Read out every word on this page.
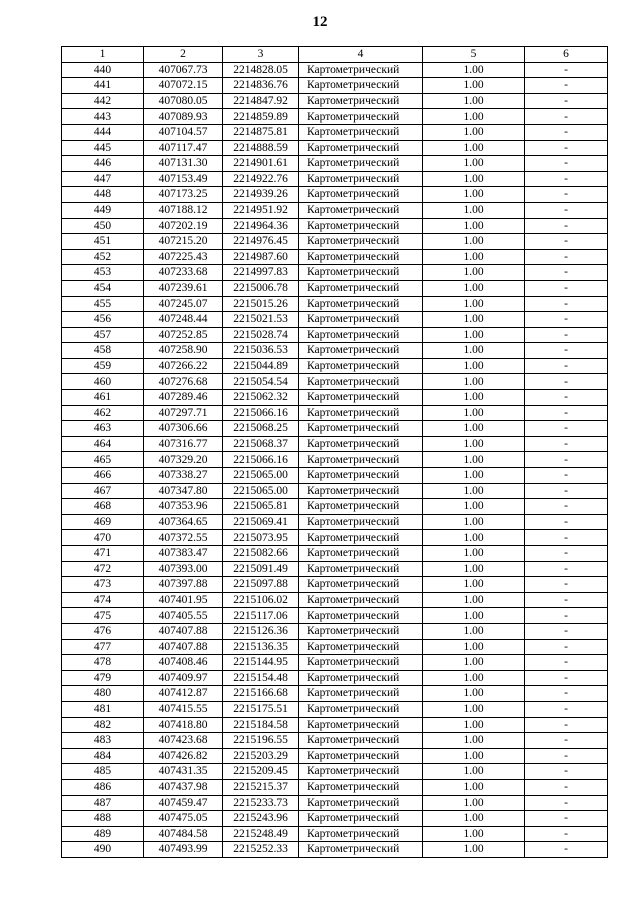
12
1	2	3	4	5	6
440	407067.73	2214828.05	Картометрический	1.00	-
441	407072.15	2214836.76	Картометрический	1.00	-
442	407080.05	2214847.92	Картометрический	1.00	-
443	407089.93	2214859.89	Картометрический	1.00	-
444	407104.57	2214875.81	Картометрический	1.00	-
445	407117.47	2214888.59	Картометрический	1.00	-
446	407131.30	2214901.61	Картометрический	1.00	-
447	407153.49	2214922.76	Картометрический	1.00	-
448	407173.25	2214939.26	Картометрический	1.00	-
449	407188.12	2214951.92	Картометрический	1.00	-
450	407202.19	2214964.36	Картометрический	1.00	-
451	407215.20	2214976.45	Картометрический	1.00	-
452	407225.43	2214987.60	Картометрический	1.00	-
453	407233.68	2214997.83	Картометрический	1.00	-
454	407239.61	2215006.78	Картометрический	1.00	-
455	407245.07	2215015.26	Картометрический	1.00	-
456	407248.44	2215021.53	Картометрический	1.00	-
457	407252.85	2215028.74	Картометрический	1.00	-
458	407258.90	2215036.53	Картометрический	1.00	-
459	407266.22	2215044.89	Картометрический	1.00	-
460	407276.68	2215054.54	Картометрический	1.00	-
461	407289.46	2215062.32	Картометрический	1.00	-
462	407297.71	2215066.16	Картометрический	1.00	-
463	407306.66	2215068.25	Картометрический	1.00	-
464	407316.77	2215068.37	Картометрический	1.00	-
465	407329.20	2215066.16	Картометрический	1.00	-
466	407338.27	2215065.00	Картометрический	1.00	-
467	407347.80	2215065.00	Картометрический	1.00	-
468	407353.96	2215065.81	Картометрический	1.00	-
469	407364.65	2215069.41	Картометрический	1.00	-
470	407372.55	2215073.95	Картометрический	1.00	-
471	407383.47	2215082.66	Картометрический	1.00	-
472	407393.00	2215091.49	Картометрический	1.00	-
473	407397.88	2215097.88	Картометрический	1.00	-
474	407401.95	2215106.02	Картометрический	1.00	-
475	407405.55	2215117.06	Картометрический	1.00	-
476	407407.88	2215126.36	Картометрический	1.00	-
477	407407.88	2215136.35	Картометрический	1.00	-
478	407408.46	2215144.95	Картометрический	1.00	-
479	407409.97	2215154.48	Картометрический	1.00	-
480	407412.87	2215166.68	Картометрический	1.00	-
481	407415.55	2215175.51	Картометрический	1.00	-
482	407418.80	2215184.58	Картометрический	1.00	-
483	407423.68	2215196.55	Картометрический	1.00	-
484	407426.82	2215203.29	Картометрический	1.00	-
485	407431.35	2215209.45	Картометрический	1.00	-
486	407437.98	2215215.37	Картометрический	1.00	-
487	407459.47	2215233.73	Картометрический	1.00	-
488	407475.05	2215243.96	Картометрический	1.00	-
489	407484.58	2215248.49	Картометрический	1.00	-
490	407493.99	2215252.33	Картометрический	1.00	-
